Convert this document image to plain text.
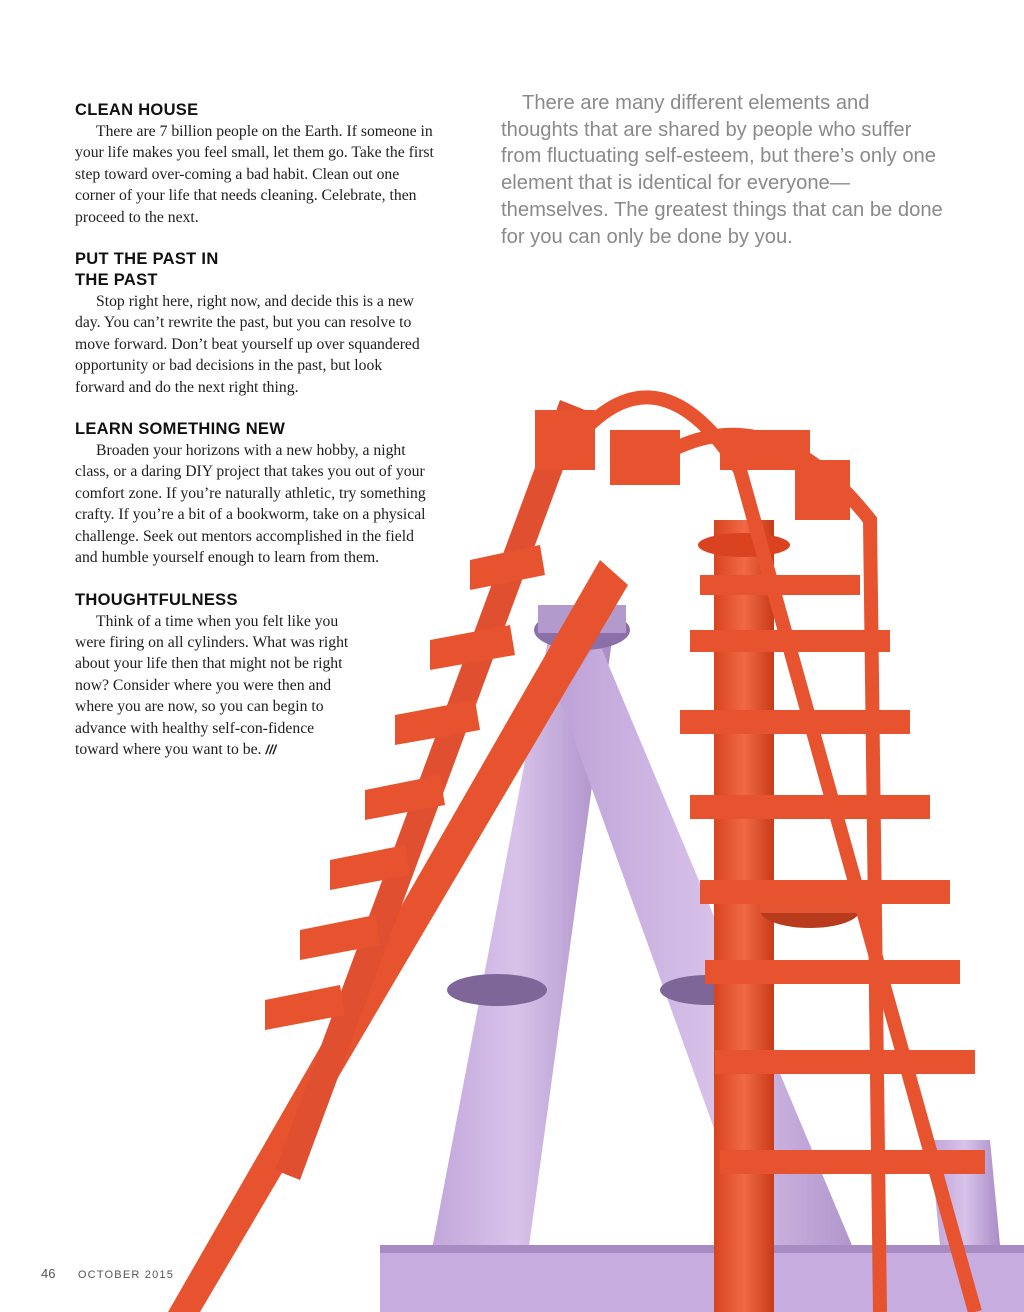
CLEAN HOUSE

There are 7 billion people on the Earth. If someone in your life makes you feel small, let them go. Take the first step toward over-coming a bad habit. Clean out one corner of your life that needs cleaning. Celebrate, then proceed to the next.

PUT THE PAST IN
THE PAST

Stop right here, right now, and decide this is a new day. You can’t rewrite the past, but you can resolve to move forward. Don’t beat yourself up over squandered opportunity or bad decisions in the past, but look forward and do the next right thing.

LEARN SOMETHING NEW

Broaden your horizons with a new hobby, a night class, or a daring DIY project that takes you out of your comfort zone. If you’re naturally athletic, try something crafty. If you’re a bit of a bookworm, take on a physical challenge. Seek out mentors accomplished in the field and humble yourself enough to learn from them.

THOUGHTFULNESS

Think of a time when you felt like you were firing on all cylinders. What was right about your life then that might not be right now? Consider where you were then and where you are now, so you can begin to advance with healthy self-con-fidence toward where you want to be. ///

There are many different elements and thoughts that are shared by people who suffer from fluctuating self-esteem, but there’s only one element that is identical for everyone—themselves. The greatest things that can be done for you can only be done by you.

46 OCTOBER 2015
